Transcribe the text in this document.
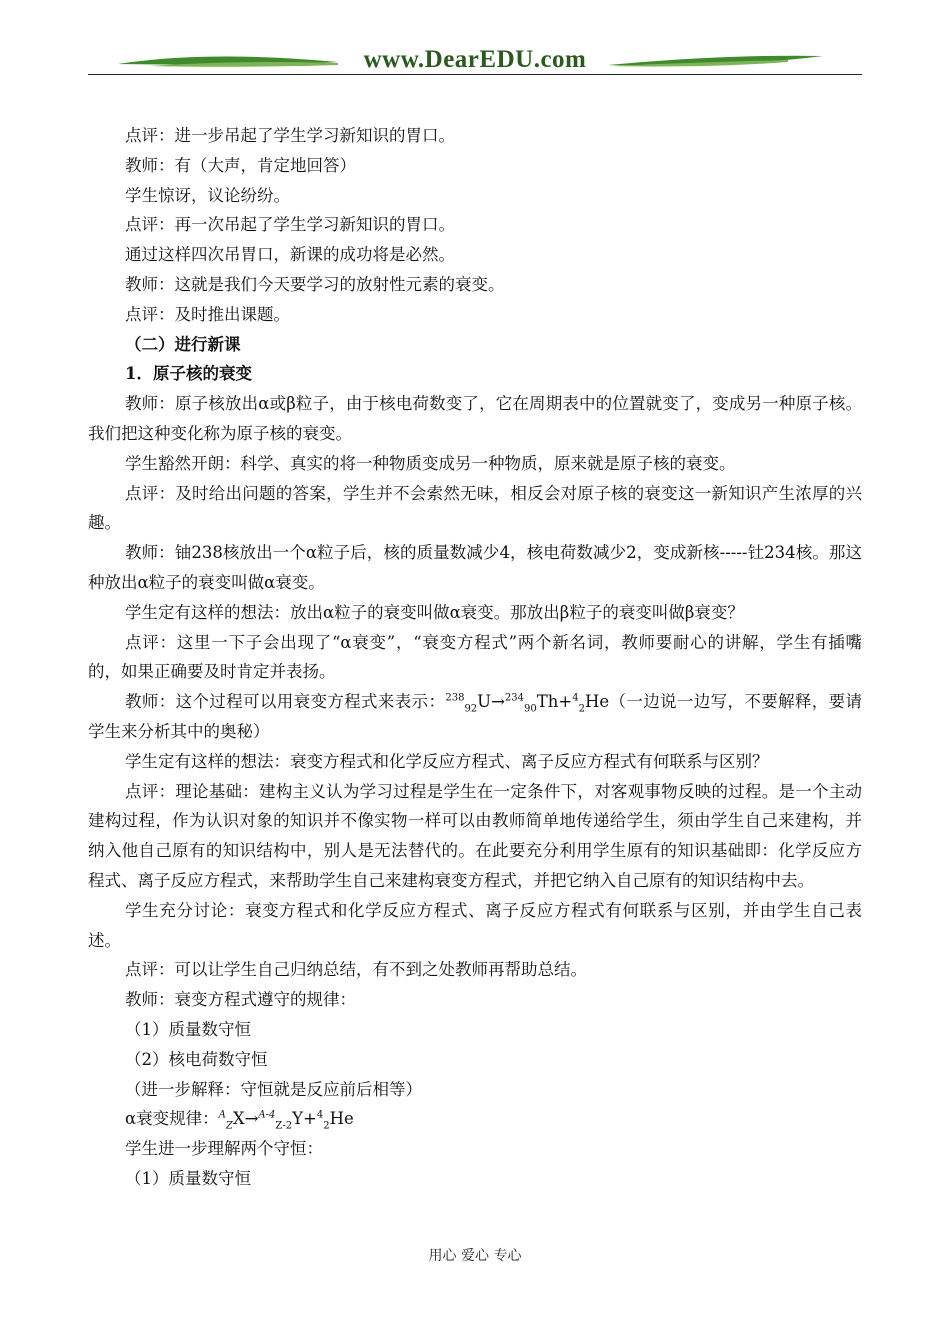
www.DearEDU.com

点评：进一步吊起了学生学习新知识的胃口。

教师：有（大声，肯定地回答）

学生惊讶，议论纷纷。

点评：再一次吊起了学生学习新知识的胃口。

通过这样四次吊胃口，新课的成功将是必然。

教师：这就是我们今天要学习的放射性元素的衰变。

点评：及时推出课题。

（二）进行新课

1．原子核的衰变

教师：原子核放出α或β粒子，由于核电荷数变了，它在周期表中的位置就变了，变成另一种原子核。我们把这种变化称为原子核的衰变。

学生豁然开朗：科学、真实的将一种物质变成另一种物质，原来就是原子核的衰变。

点评：及时给出问题的答案，学生并不会索然无味，相反会对原子核的衰变这一新知识产生浓厚的兴趣。

教师：铀238核放出一个α粒子后，核的质量数减少4，核电荷数减少2，变成新核-----钍234核。那这种放出α粒子的衰变叫做α衰变。

学生定有这样的想法：放出α粒子的衰变叫做α衰变。那放出β粒子的衰变叫做β衰变？

点评：这里一下子会出现了“α衰变”，“衰变方程式”两个新名词，教师要耐心的讲解，学生有插嘴的，如果正确要及时肯定并表扬。

教师：这个过程可以用衰变方程式来表示：$^{238}_{92}$U→$^{234}_{90}$Th+$^4_2$He（一边说一边写，不要解释，要请学生来分析其中的奥秘）

学生定有这样的想法：衰变方程式和化学反应方程式、离子反应方程式有何联系与区别？

点评：理论基础：建构主义认为学习过程是学生在一定条件下，对客观事物反映的过程。是一个主动建构过程，作为认识对象的知识并不像实物一样可以由教师简单地传递给学生，须由学生自己来建构，并纳入他自己原有的知识结构中，别人是无法替代的。在此要充分利用学生原有的知识基础即：化学反应方程式、离子反应方程式，来帮助学生自己来建构衰变方程式，并把它纳入自己原有的知识结构中去。

学生充分讨论：衰变方程式和化学反应方程式、离子反应方程式有何联系与区别，并由学生自己表述。

点评：可以让学生自己归纳总结，有不到之处教师再帮助总结。

教师：衰变方程式遵守的规律：

（1）质量数守恒

（2）核电荷数守恒

（进一步解释：守恒就是反应前后相等）

α衰变规律：$^A_Z$X→$^{A-4}_{Z-2}$Y+$^4_2$He

学生进一步理解两个守恒：

（1）质量数守恒

用心 爱心 专心
